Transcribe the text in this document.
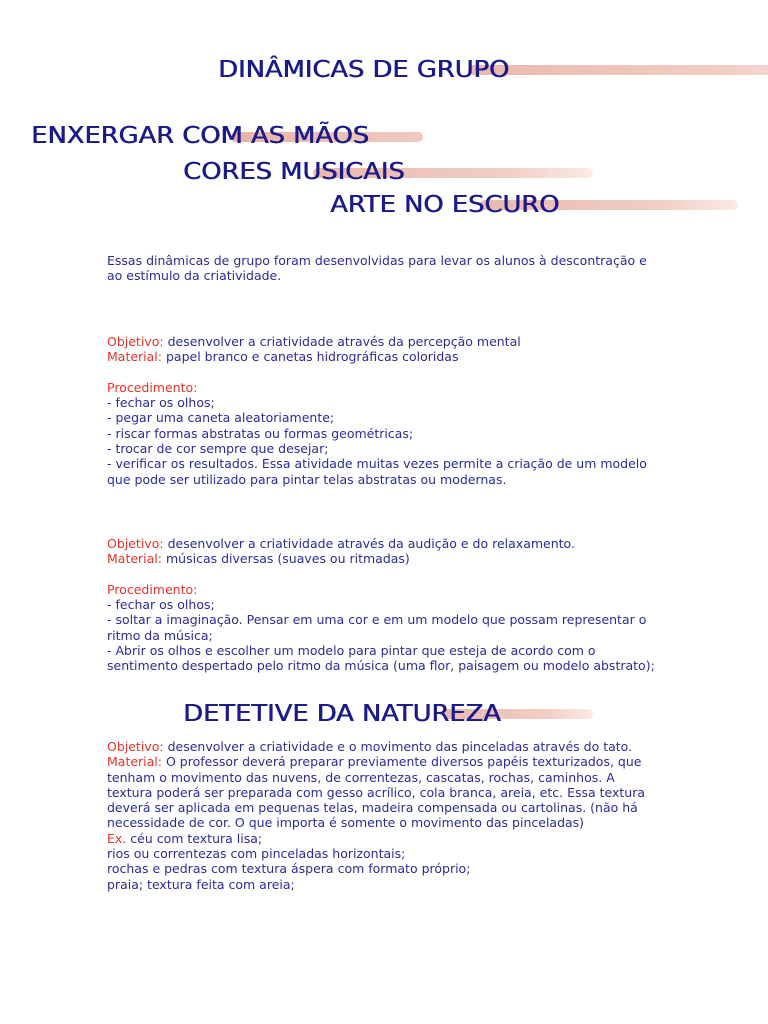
DINÂMICAS DE GRUPO
ENXERGAR COM AS MÃOS
CORES MUSICAIS
ARTE NO ESCURO
DETETIVE DA NATUREZA
Essas dinâmicas de grupo foram desenvolvidas para levar os alunos à descontração e
ao estímulo da criatividade.
Objetivo: desenvolver a criatividade através da percepção mental
Material: papel branco e canetas hidrográficas coloridas

Procedimento:
- fechar os olhos;
- pegar uma caneta aleatoriamente;
- riscar formas abstratas ou formas geométricas;
- trocar de cor sempre que desejar;
- verificar os resultados. Essa atividade muitas vezes permite a criação de um modelo
que pode ser utilizado para pintar telas abstratas ou modernas.
Objetivo: desenvolver a criatividade através da audição e do relaxamento.
Material: músicas diversas (suaves ou ritmadas)

Procedimento:
- fechar os olhos;
- soltar a imaginação. Pensar em uma cor e em um modelo que possam representar o
ritmo da música;
- Abrir os olhos e escolher um modelo para pintar que esteja de acordo com o
sentimento despertado pelo ritmo da música (uma flor, paisagem ou modelo abstrato);
Objetivo: desenvolver a criatividade e o movimento das pinceladas através do tato.
Material: O professor deverá preparar previamente diversos papéis texturizados, que
tenham o movimento das nuvens, de correntezas, cascatas, rochas, caminhos. A
textura poderá ser preparada com gesso acrílico, cola branca, areia, etc. Essa textura
deverá ser aplicada em pequenas telas, madeira compensada ou cartolinas. (não há
necessidade de cor. O que importa é somente o movimento das pinceladas)
Ex. céu com textura lisa;
rios ou correntezas com pinceladas horizontais;
rochas e pedras com textura áspera com formato próprio;
praia; textura feita com areia;
